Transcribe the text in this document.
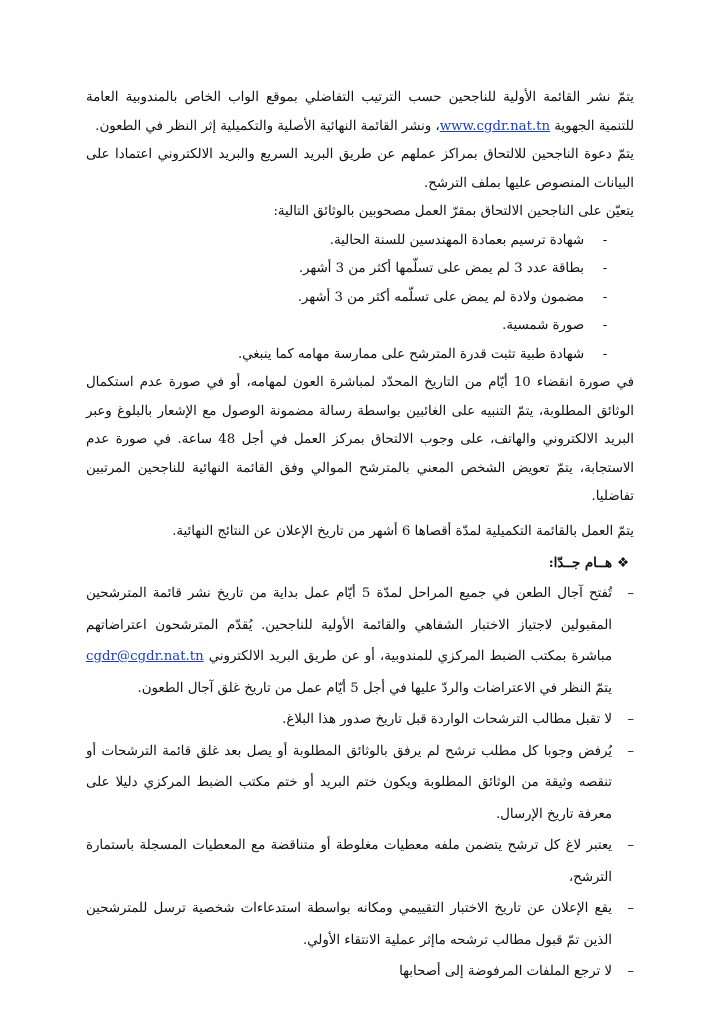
يتمّ نشر القائمة الأولية للناجحين حسب الترتيب التفاضلي بموقع الواب الخاص بالمندوبية العامة للتنمية الجهوية www.cgdr.nat.tn، ونشر القائمة النهائية الأصلية والتكميلية إثر النظر في الطعون.

يتمّ دعوة الناجحين للالتحاق بمراكز عملهم عن طريق البريد السريع والبريد الالكتروني اعتمادا على البيانات المنصوص عليها بملف الترشح.

يتعيّن على الناجحين الالتحاق بمقرّ العمل مصحوبين بالوثائق التالية:

-
شهادة ترسيم بعمادة المهندسين للسنة الحالية.
-
بطاقة عدد 3 لم يمض على تسلّمها أكثر من 3 أشهر.
-
مضمون ولادة لم يمض على تسلّمه أكثر من 3 أشهر.
-
صورة شمسية.
-
شهادة طبية تثبت قدرة المترشح على ممارسة مهامه كما ينبغي.

في صورة انقضاء 10 أيّام من التاريخ المحدّد لمباشرة العون لمهامه، أو في صورة عدم استكمال الوثائق المطلوبة، يتمّ التنبيه على الغائبين بواسطة رسالة مضمونة الوصول مع الإشعار بالبلوغ وعبر البريد الالكتروني والهاتف، على وجوب الالتحاق بمركز العمل في أجل 48 ساعة. في صورة عدم الاستجابة، يتمّ تعويض الشخص المعني بالمترشح الموالي وفق القائمة النهائية للناجحين المرتبين تفاضليا.

يتمّ العمل بالقائمة التكميلية لمدّة أقصاها 6 أشهر من تاريخ الإعلان عن النتائج النهائية.

❖هــام جــدّا:
–
تُفتح آجال الطعن في جميع المراحل لمدّة 5 أيّام عمل بداية من تاريخ نشر قائمة المترشحين المقبولين لاجتياز الاختبار الشفاهي والقائمة الأولية للناجحين. يُقدّم المترشحون اعتراضاتهم مباشرة بمكتب الضبط المركزي للمندوبية، أو عن طريق البريد الالكتروني cgdr@cgdr.nat.tn يتمّ النظر في الاعتراضات والردّ عليها في أجل 5 أيّام عمل من تاريخ غلق آجال الطعون.
–
لا تقبل مطالب الترشحات الواردة قبل تاريخ صدور هذا البلاغ.
–
يُرفض وجوبا كل مطلب ترشح لم يرفق بالوثائق المطلوبة أو يصل بعد غلق قائمة الترشحات أو تنقصه وثيقة من الوثائق المطلوبة ويكون ختم البريد أو ختم مكتب الضبط المركزي دليلا على معرفة تاريخ الإرسال.
–
يعتبر لاغ كل ترشح يتضمن ملفه معطيات مغلوطة أو متناقضة مع المعطيات المسجلة باستمارة الترشح،
–
يقع الإعلان عن تاريخ الاختبار التقييمي ومكانه بواسطة استدعاءات شخصية ترسل للمترشحين الذين تمّ قبول مطالب ترشحه ماإثر عملية الانتقاء الأولي.
–
لا ترجع الملفات المرفوضة إلى أصحابها
